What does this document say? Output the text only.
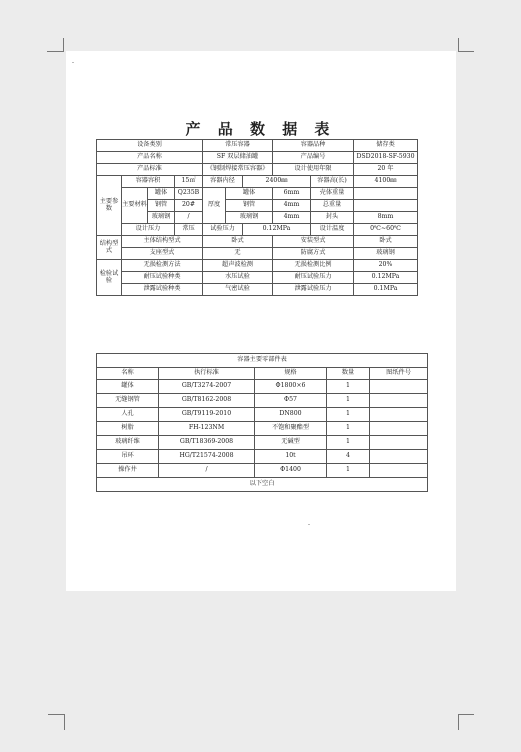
产 品 数 据 表
设备类别				常压容器			容器品种		储存类
产品名称				SF 双层储油罐			产品编号		DSD2018-SF-5930
产品标准				《钢制焊接常压容器》			设计使用年限		20 年
主要参数	容器容积		15㎡	容器内径		2400㎜		容器高(长)	4100㎜
	主要材料	罐体	Q235B	厚度	罐体		6mm	壳体重量	
		钢管	20#		钢管		4mm	总重量	
		玻璃钢	/		玻璃钢		4mm	封头	8mm
	设计压力		常压	试验压力		0.12MPa		设计温度	0℃~60℃
结构型式	主体结构型式			卧式			安装型式		卧式
	支座型式			无			防腐方式		玻璃钢
检验试验	无损检测方法			超声波检测			无损检测比例		20%
	耐压试验种类			水压试验			耐压试验压力		0.12MPa
	泄露试验种类			气密试验			泄露试验压力		0.1MPa
容器主要零部件表				
名称	执行标准	规格	数量	图纸件号
罐体	GB/T3274-2007	Φ1800×6	1	
无缝钢管	GB/T8162-2008	Φ57	1	
人孔	GB/T9119-2010	DN800	1	
树脂	FH-123NM	不饱和聚酯型	1	
玻璃纤维	GB/T18369-2008	无碱型	1	
吊环	HG/T21574-2008	10t	4	
操作井	/	Φ1400	1	
以下空白				
